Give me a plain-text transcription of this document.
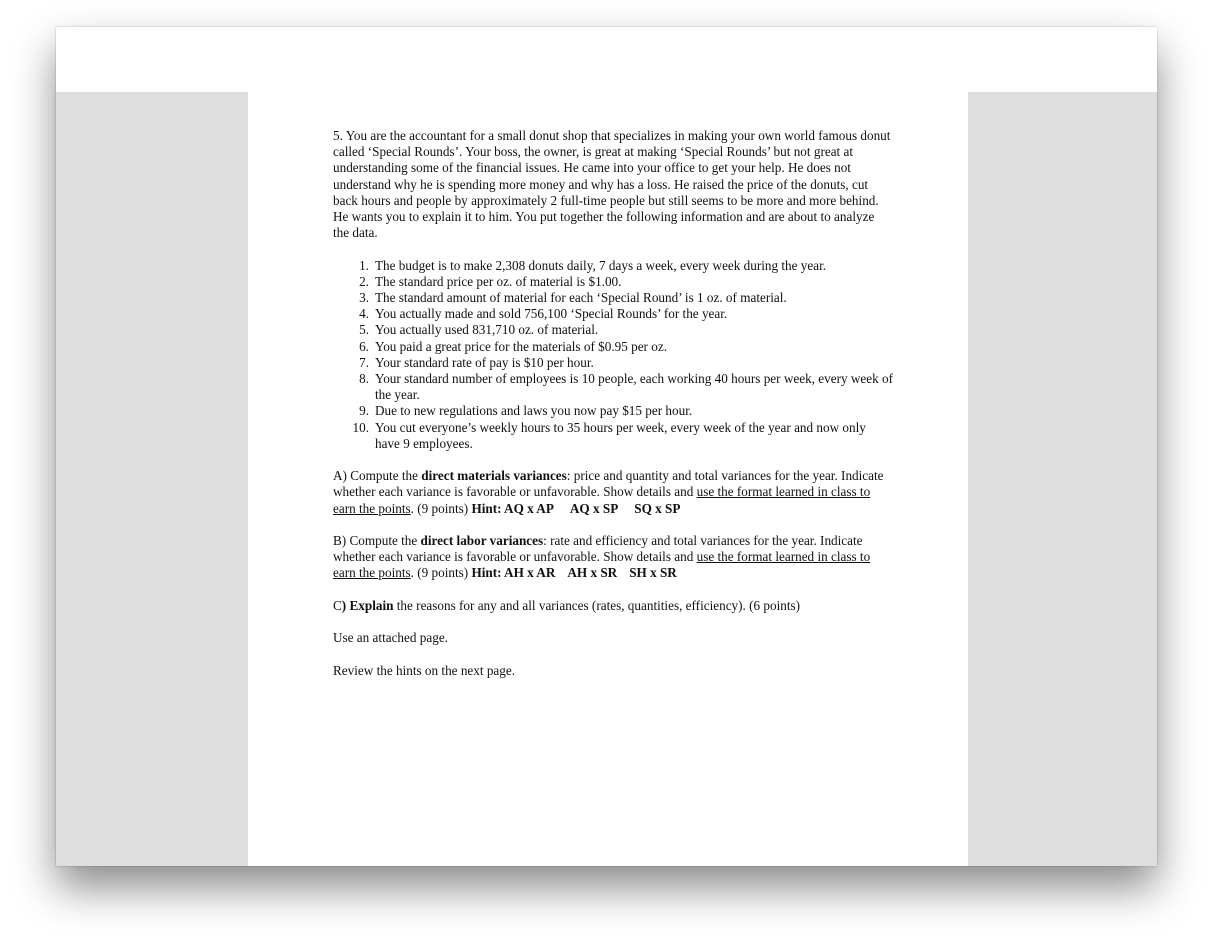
5. You are the accountant for a small donut shop that specializes in making your own world famous donut called ‘Special Rounds’. Your boss, the owner, is great at making ‘Special Rounds’ but not great at understanding some of the financial issues. He came into your office to get your help. He does not understand why he is spending more money and why has a loss. He raised the price of the donuts, cut back hours and people by approximately 2 full-time people but still seems to be more and more behind. He wants you to explain it to him. You put together the following information and are about to analyze the data.

1. The budget is to make 2,308 donuts daily, 7 days a week, every week during the year.
2. The standard price per oz. of material is $1.00.
3. The standard amount of material for each ‘Special Round’ is 1 oz. of material.
4. You actually made and sold 756,100 ‘Special Rounds’ for the year.
5. You actually used 831,710 oz. of material.
6. You paid a great price for the materials of $0.95 per oz.
7. Your standard rate of pay is $10 per hour.
8. Your standard number of employees is 10 people, each working 40 hours per week, every week of the year.
9. Due to new regulations and laws you now pay $15 per hour.
10. You cut everyone’s weekly hours to 35 hours per week, every week of the year and now only have 9 employees.

A) Compute the direct materials variances: price and quantity and total variances for the year. Indicate whether each variance is favorable or unfavorable. Show details and use the format learned in class to earn the points. (9 points) Hint: AQ x AP AQ x SP SQ x SP

B) Compute the direct labor variances: rate and efficiency and total variances for the year. Indicate whether each variance is favorable or unfavorable. Show details and use the format learned in class to earn the points. (9 points) Hint: AH x AR AH x SR SH x SR

C) Explain the reasons for any and all variances (rates, quantities, efficiency). (6 points)

Use an attached page.

Review the hints on the next page.
